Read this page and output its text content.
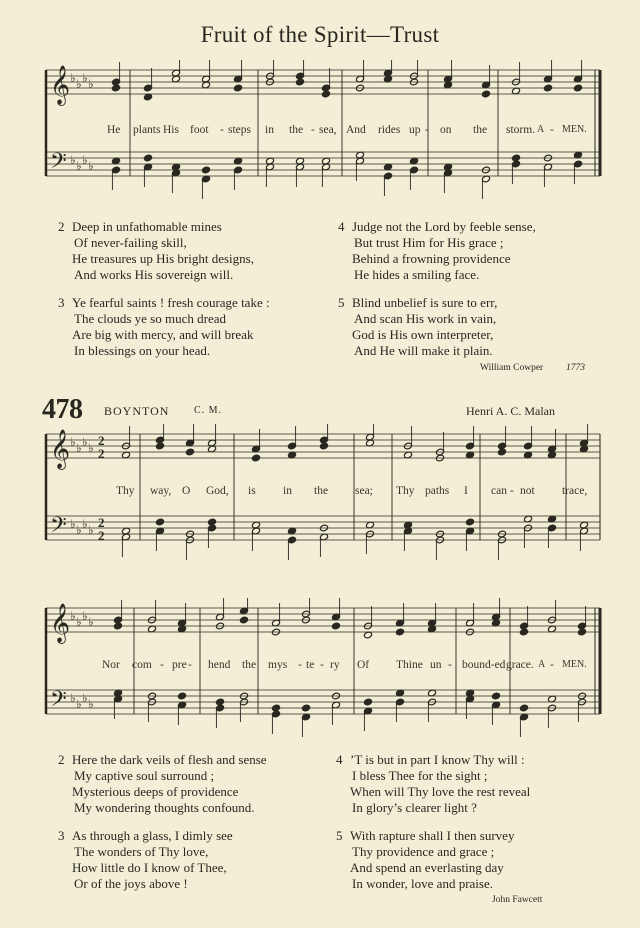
Fruit of the Spirit—Trust
𝄞 ♭ ♭ ♭ ♭
𝄢 ♭ ♭ ♭ ♭
He plants His foot - steps in the - sea, And rides up - on the storm. A - MEN.
2 Deep in unfathomable mines
Of never-failing skill,
He treasures up His bright designs,
And works His sovereign will.
3 Ye fearful saints ! fresh courage take :
The clouds ye so much dread
Are big with mercy, and will break
In blessings on your head.
4 Judge not the Lord by feeble sense,
But trust Him for His grace ;
Behind a frowning providence
He hides a smiling face.
5 Blind unbelief is sure to err,
And scan His work in vain,
God is His own interpreter,
And He will make it plain.
William Cowper 1773
478 BOYNTON C. M.	Henri A. C. Malan
𝄞 ♭ ♭ ♭ ♭ 2
2
𝄢 ♭ ♭ ♭ ♭ 2
2
Thy way, O God, is in the sea; Thy paths I can - not trace,
𝄞 ♭ ♭ ♭ ♭
𝄢 ♭ ♭ ♭ ♭
Nor com - pre - hend the mys - te - ry Of Thine un - bound-ed grace. A - MEN.
2 Here the dark veils of flesh and sense
My captive soul surround ;
Mysterious deeps of providence
My wondering thoughts confound.
3 As through a glass, I dimly see
The wonders of Thy love,
How little do I know of Thee,
Or of the joys above !
4 ’T is but in part I know Thy will :
I bless Thee for the sight ;
When will Thy love the rest reveal
In glory’s clearer light ?
5 With rapture shall I then survey
Thy providence and grace ;
And spend an everlasting day
In wonder, love and praise.
John Fawcett
